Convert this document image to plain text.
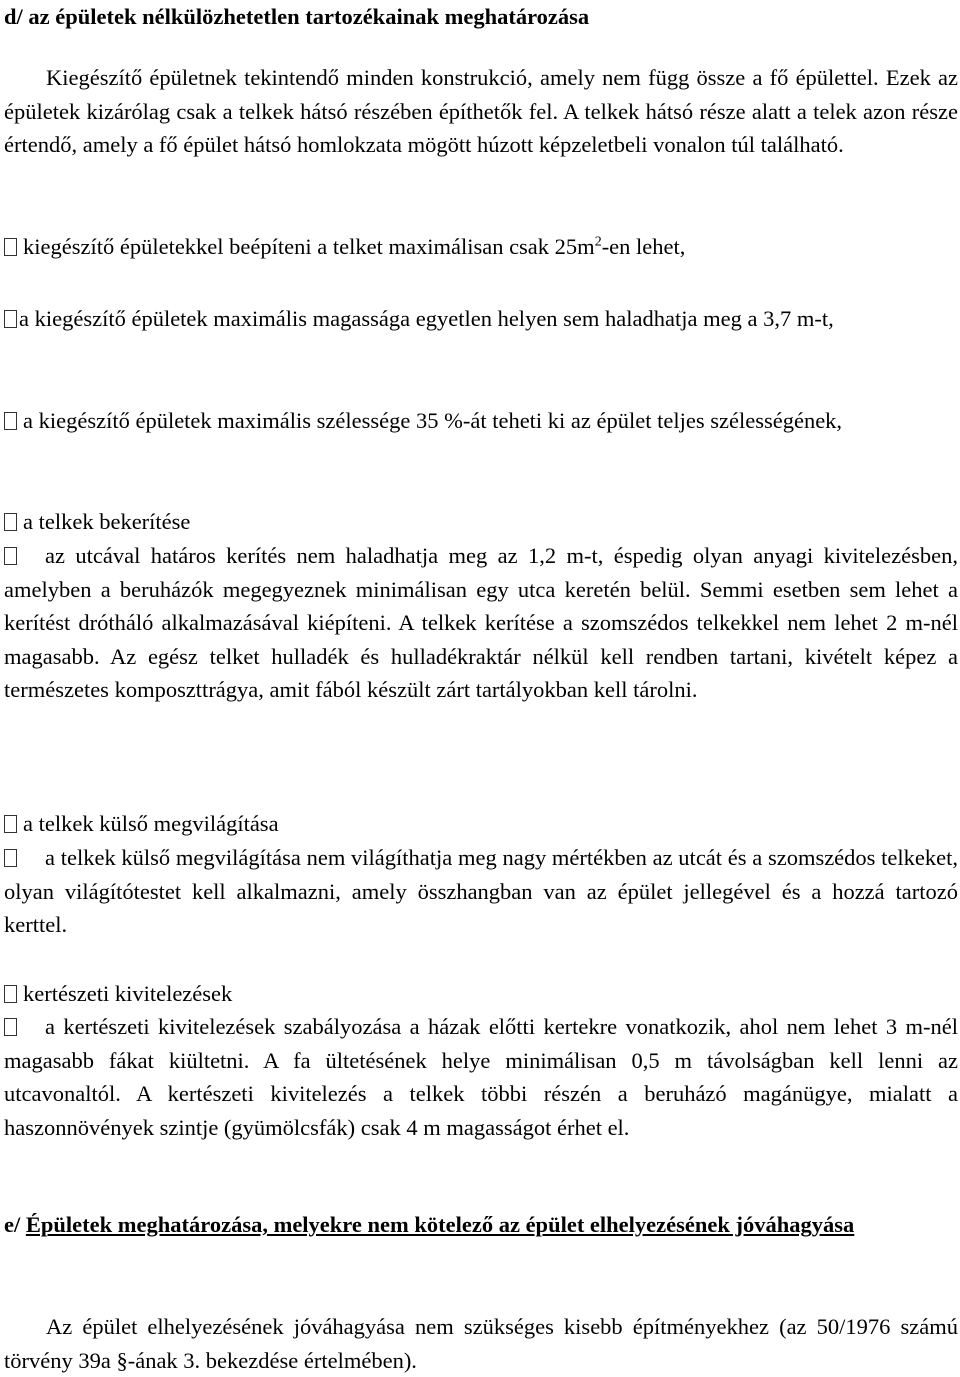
d/ az épületek nélkülözhetetlen tartozékainak meghatározása

Kiegészítő épületnek tekintendő minden konstrukció, amely nem függ össze a fő épülettel. Ezek az épületek kizárólag csak a telkek hátsó részében építhetők fel. A telkek hátsó része alatt a telek azon része értendő, amely a fő épület hátsó homlokzata mögött húzott képzeletbeli vonalon túl található.

kiegészítő épületekkel beépíteni a telket maximálisan csak $25m^2-en$ lehet,

a kiegészítő épületek maximális magassága egyetlen helyen sem haladhatja meg a 3,7 m-t,

a kiegészítő épületek maximális szélessége 35 %-át teheti ki az épület teljes szélességének,

a telkek bekerítése

az utcával határos kerítés nem haladhatja meg az 1,2 m-t, éspedig olyan anyagi kivitelezésben, amelyben a beruházók megegyeznek minimálisan egy utca keretén belül. Semmi esetben sem lehet a kerítést drótháló alkalmazásával kiépíteni. A telkek kerítése a szomszédos telkekkel nem lehet 2 m-nél magasabb. Az egész telket hulladék és hulladékraktár nélkül kell rendben tartani, kivételt képez a természetes komposzttrágya, amit fából készült zárt tartályokban kell tárolni.

a telkek külső megvilágítása

a telkek külső megvilágítása nem világíthatja meg nagy mértékben az utcát és a szomszédos telkeket, olyan világítótestet kell alkalmazni, amely összhangban van az épület jellegével és a hozzá tartozó kerttel.

kertészeti kivitelezések

a kertészeti kivitelezések szabályozása a házak előtti kertekre vonatkozik, ahol nem lehet 3 m-nél magasabb fákat kiültetni. A fa ültetésének helye minimálisan 0,5 m távolságban kell lenni az utcavonaltól. A kertészeti kivitelezés a telkek többi részén a beruházó magánügye, mialatt a haszonnövények szintje (gyümölcsfák) csak 4 m magasságot érhet el.

e/ Épületek meghatározása, melyekre nem kötelező az épület elhelyezésének jóváhagyása

Az épület elhelyezésének jóváhagyása nem szükséges kisebb építményekhez (az 50/1976 számú törvény 39a §-ának 3. bekezdése értelmében).
